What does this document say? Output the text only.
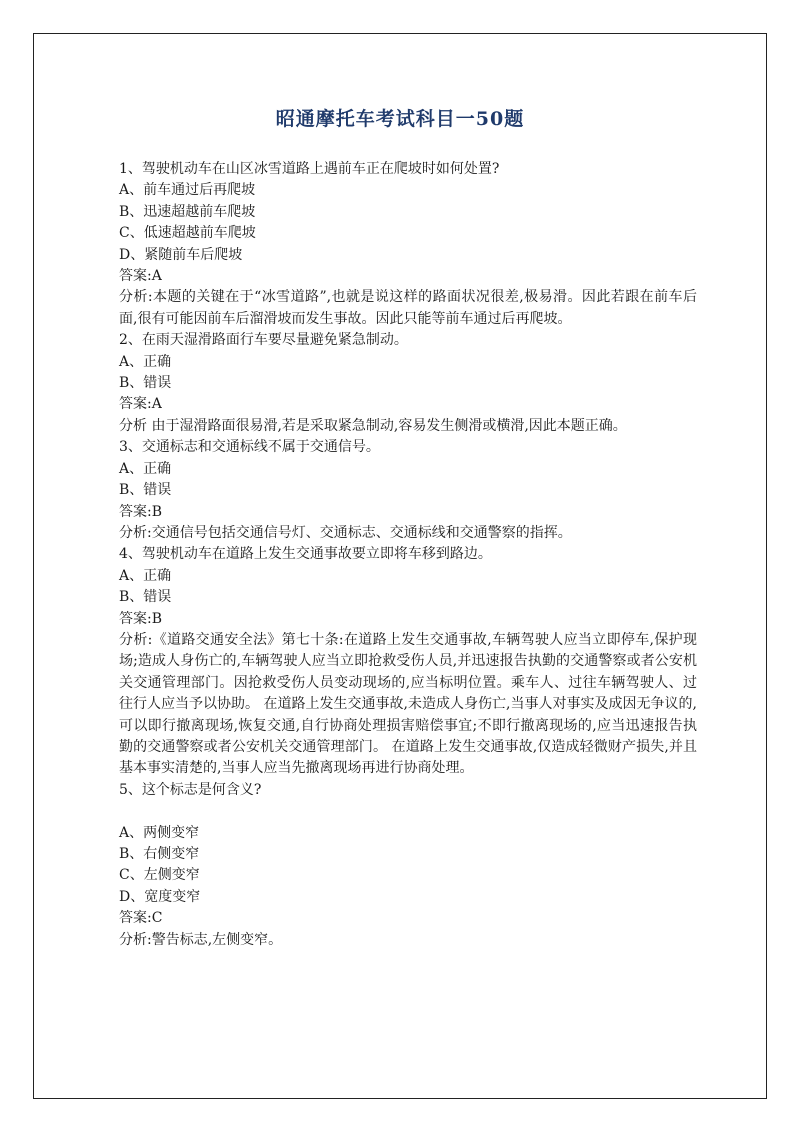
昭通摩托车考试科目一50题
1、驾驶机动车在山区冰雪道路上遇前车正在爬坡时如何处置?
A、前车通过后再爬坡
B、迅速超越前车爬坡
C、低速超越前车爬坡
D、紧随前车后爬坡
答案:A
分析:本题的关键在于“冰雪道路”,也就是说这样的路面状况很差,极易滑。因此若跟在前车后面,很有可能因前车后溜滑坡而发生事故。因此只能等前车通过后再爬坡。
2、在雨天湿滑路面行车要尽量避免紧急制动。
A、正确
B、错误
答案:A
分析 由于湿滑路面很易滑,若是采取紧急制动,容易发生侧滑或横滑,因此本题正确。
3、交通标志和交通标线不属于交通信号。
A、正确
B、错误
答案:B
分析:交通信号包括交通信号灯、交通标志、交通标线和交通警察的指挥。
4、驾驶机动车在道路上发生交通事故要立即将车移到路边。
A、正确
B、错误
答案:B
分析:《道路交通安全法》第七十条:在道路上发生交通事故,车辆驾驶人应当立即停车,保护现场;造成人身伤亡的,车辆驾驶人应当立即抢救受伤人员,并迅速报告执勤的交通警察或者公安机关交通管理部门。因抢救受伤人员变动现场的,应当标明位置。乘车人、过往车辆驾驶人、过往行人应当予以协助。 在道路上发生交通事故,未造成人身伤亡,当事人对事实及成因无争议的,可以即行撤离现场,恢复交通,自行协商处理损害赔偿事宜;不即行撤离现场的,应当迅速报告执勤的交通警察或者公安机关交通管理部门。 在道路上发生交通事故,仅造成轻微财产损失,并且基本事实清楚的,当事人应当先撤离现场再进行协商处理。
5、这个标志是何含义?
A、两侧变窄
B、右侧变窄
C、左侧变窄
D、宽度变窄
答案:C
分析:警告标志,左侧变窄。
